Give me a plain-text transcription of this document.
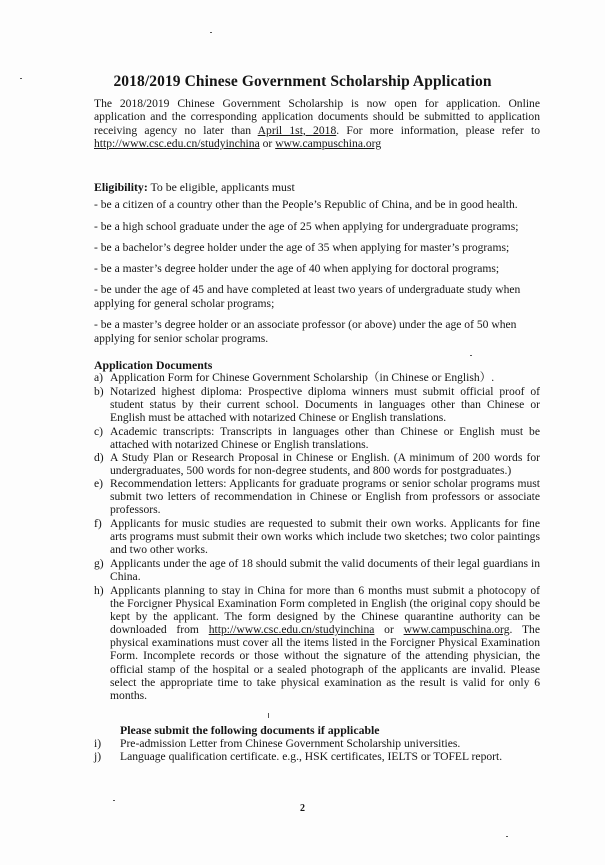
2018/2019 Chinese Government Scholarship Application
The 2018/2019 Chinese Government Scholarship is now open for application. Online application and the corresponding application documents should be submitted to application receiving agency no later than April 1st, 2018. For more information, please refer to http://www.csc.edu.cn/studyinchina or www.campuschina.org
Eligibility: To be eligible, applicants must
- be a citizen of a country other than the People’s Republic of China, and be in good health.
- be a high school graduate under the age of 25 when applying for undergraduate programs;
- be a bachelor’s degree holder under the age of 35 when applying for master’s programs;
- be a master’s degree holder under the age of 40 when applying for doctoral programs;
- be under the age of 45 and have completed at least two years of undergraduate study when applying for general scholar programs;
- be a master’s degree holder or an associate professor (or above) under the age of 50 when applying for senior scholar programs.
Application Documents
a) Application Form for Chinese Government Scholarship（in Chinese or English）.
b) Notarized highest diploma: Prospective diploma winners must submit official proof of student status by their current school. Documents in languages other than Chinese or English must be attached with notarized Chinese or English translations.
c) Academic transcripts: Transcripts in languages other than Chinese or English must be attached with notarized Chinese or English translations.
d) A Study Plan or Research Proposal in Chinese or English. (A minimum of 200 words for undergraduates, 500 words for non-degree students, and 800 words for postgraduates.)
e) Recommendation letters: Applicants for graduate programs or senior scholar programs must submit two letters of recommendation in Chinese or English from professors or associate professors.
f) Applicants for music studies are requested to submit their own works. Applicants for fine arts programs must submit their own works which include two sketches; two color paintings and two other works.
g) Applicants under the age of 18 should submit the valid documents of their legal guardians in China.
h) Applicants planning to stay in China for more than 6 months must submit a photocopy of the Forcigner Physical Examination Form completed in English (the original copy should be kept by the applicant. The form designed by the Chinese quarantine authority can be downloaded from http://www.csc.edu.cn/studyinchina or www.campuschina.org. The physical examinations must cover all the items listed in the Forcigner Physical Examination Form. Incomplete records or those without the signature of the attending physician, the official stamp of the hospital or a sealed photograph of the applicants are invalid. Please select the appropriate time to take physical examination as the result is valid for only 6 months.
Please submit the following documents if applicable
i)	Pre-admission Letter from Chinese Government Scholarship universities.
j)	Language qualification certificate. e.g., HSK certificates, IELTS or TOFEL report.
2
